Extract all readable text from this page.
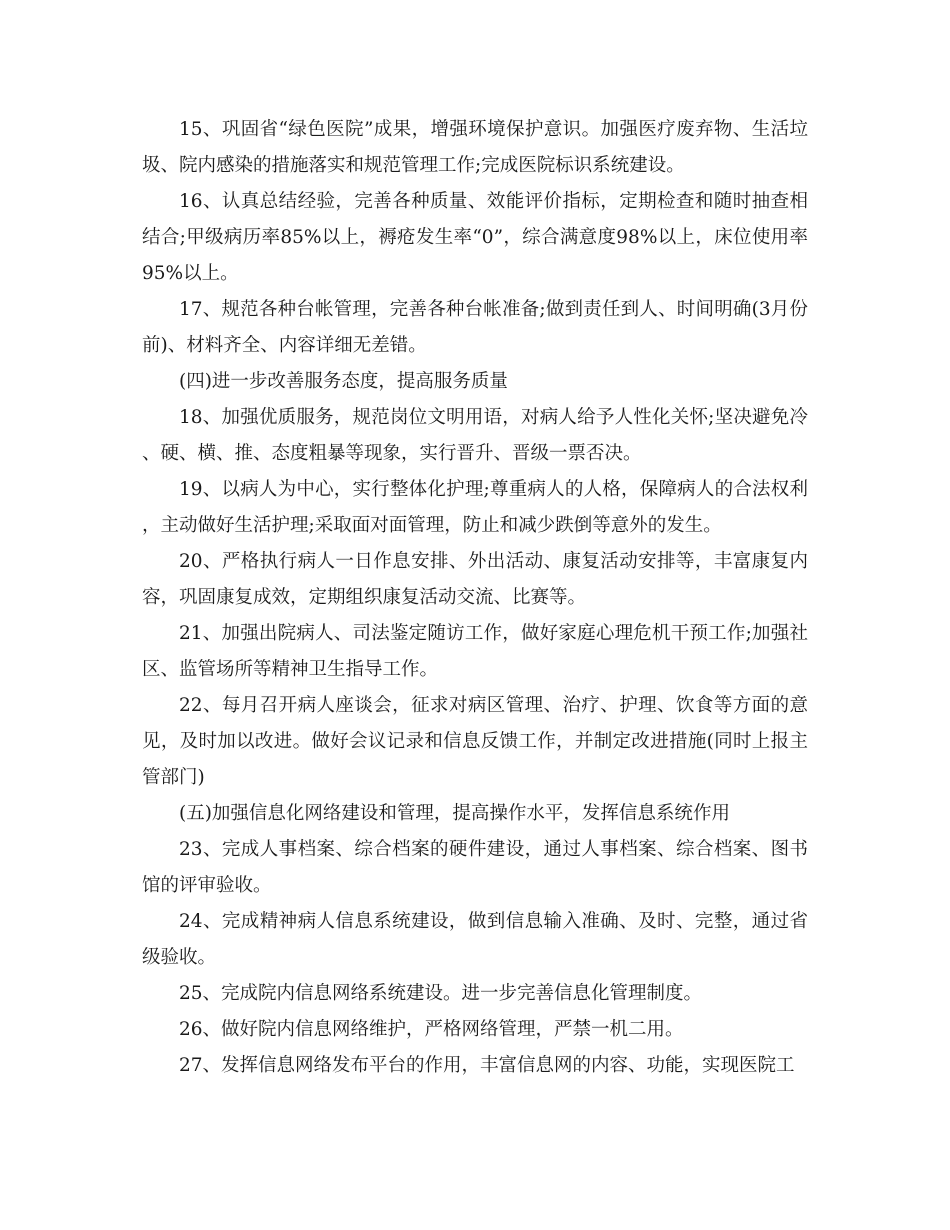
15、巩固省“绿色医院”成果，增强环境保护意识。加强医疗废弃物、生活垃圾、院内感染的措施落实和规范管理工作;完成医院标识系统建设。

16、认真总结经验，完善各种质量、效能评价指标，定期检查和随时抽查相结合;甲级病历率85%以上，褥疮发生率“0”，综合满意度98%以上，床位使用率95%以上。

17、规范各种台帐管理，完善各种台帐准备;做到责任到人、时间明确(3月份前)、材料齐全、内容详细无差错。

(四)进一步改善服务态度，提高服务质量

18、加强优质服务，规范岗位文明用语，对病人给予人性化关怀;坚决避免冷、硬、横、推、态度粗暴等现象，实行晋升、晋级一票否决。

19、以病人为中心，实行整体化护理;尊重病人的人格，保障病人的合法权利，主动做好生活护理;采取面对面管理，防止和减少跌倒等意外的发生。

20、严格执行病人一日作息安排、外出活动、康复活动安排等，丰富康复内容，巩固康复成效，定期组织康复活动交流、比赛等。

21、加强出院病人、司法鉴定随访工作，做好家庭心理危机干预工作;加强社区、监管场所等精神卫生指导工作。

22、每月召开病人座谈会，征求对病区管理、治疗、护理、饮食等方面的意见，及时加以改进。做好会议记录和信息反馈工作，并制定改进措施(同时上报主管部门)

(五)加强信息化网络建设和管理，提高操作水平，发挥信息系统作用

23、完成人事档案、综合档案的硬件建设，通过人事档案、综合档案、图书馆的评审验收。

24、完成精神病人信息系统建设，做到信息输入准确、及时、完整，通过省级验收。

25、完成院内信息网络系统建设。进一步完善信息化管理制度。

26、做好院内信息网络维护，严格网络管理，严禁一机二用。

27、发挥信息网络发布平台的作用，丰富信息网的内容、功能，实现医院工
